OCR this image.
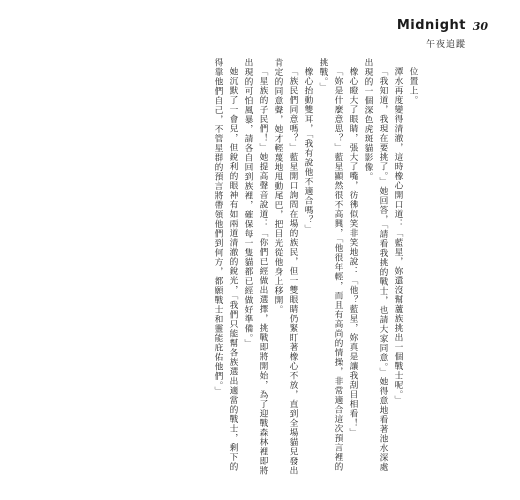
Midnight 30
午夜追蹤

位置上。

潭水再度變得清澈，這時橡心開口道：「藍星，妳還沒幫蘆族挑出一個戰士呢。」

「我知道，我現在要挑了。」她回答，「請看我挑的戰士，也請大家同意。」她得意地看著池水深處出現的一個深色虎斑貓影像。

橡心瞪大了眼睛，張大了嘴，彷彿似笑非笑地說：「他？藍星，妳真是讓我刮目相看！」

「妳是什麼意思？」藍星顯然很不高興，「他很年輕，而且有高尚的情操，非常適合這次預言裡的挑戰。」

橡心抬動雙耳，「我有說他不適合嗎？」

「族民們同意嗎？」藍星開口詢問在場的族民，但一雙眼睛仍緊盯著橡心不放，直到全場貓兒發出肯定的同意聲，她才輕蔑地甩動尾巴，把目光從他身上移開。

「星族的子民們！」她提高聲音說道：「你們已經做出選擇，挑戰即將開始，為了迎戰森林裡即將出現的可怕風暴，請各自回到族裡，確保每一隻貓都已經做好準備。」

她沉默了一會兒，但銳利的眼神有如兩道清澈的銳光，「我們只能幫各族選出適當的戰士，剩下的得靠他們自己，不管星群的預言將帶領他們到何方，都願戰士和靈能庇佑他們。」
